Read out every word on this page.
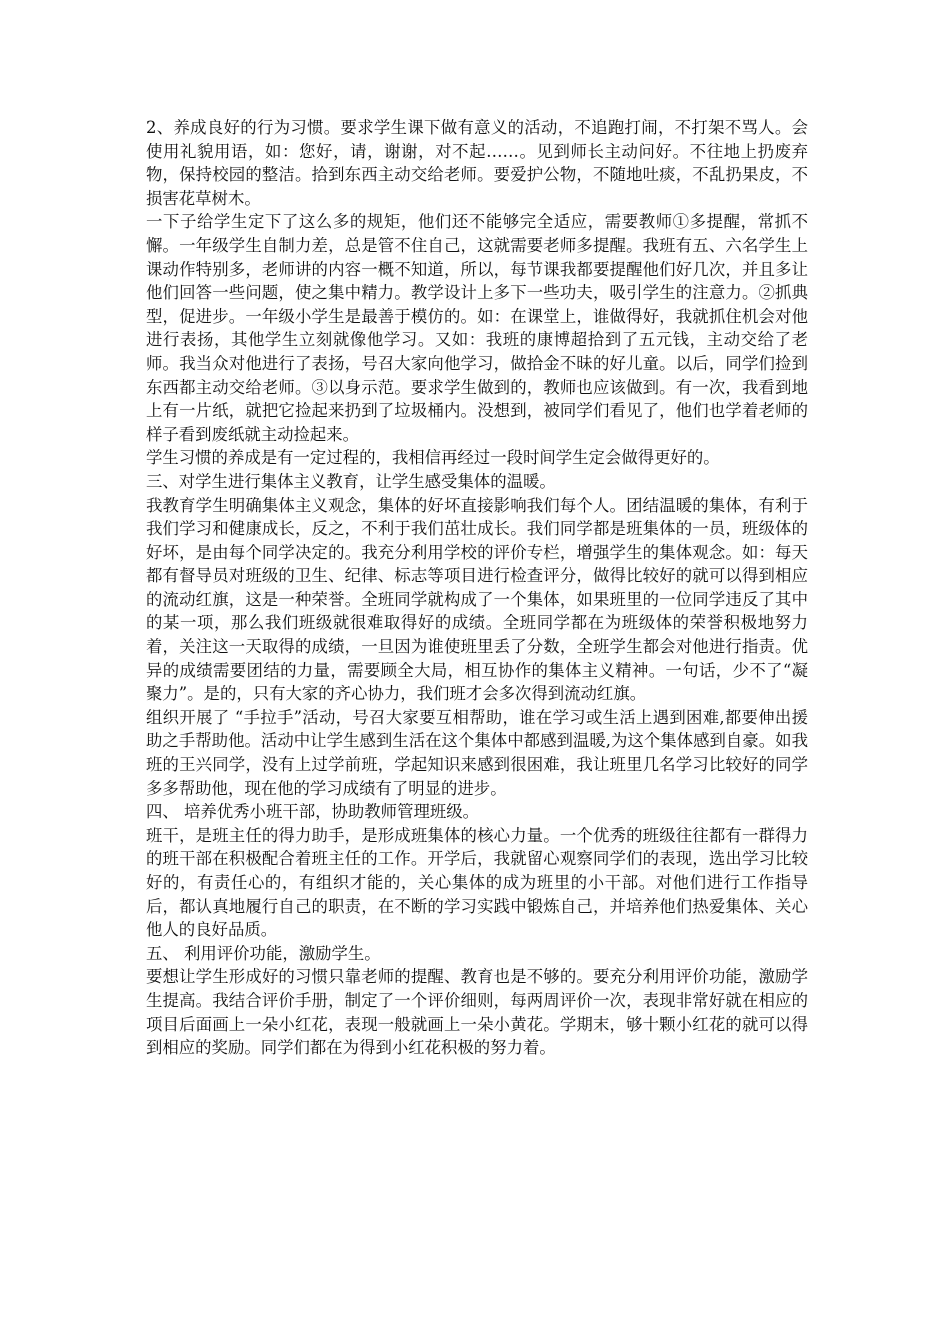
2、养成良好的行为习惯。要求学生课下做有意义的活动，不追跑打闹，不打架不骂人。会使用礼貌用语，如：您好，请，谢谢，对不起……。见到师长主动问好。不往地上扔废弃物，保持校园的整洁。拾到东西主动交给老师。要爱护公物，不随地吐痰，不乱扔果皮，不损害花草树木。

一下子给学生定下了这么多的规矩，他们还不能够完全适应，需要教师①多提醒，常抓不懈。一年级学生自制力差，总是管不住自己，这就需要老师多提醒。我班有五、六名学生上课动作特别多，老师讲的内容一概不知道，所以，每节课我都要提醒他们好几次，并且多让他们回答一些问题，使之集中精力。教学设计上多下一些功夫，吸引学生的注意力。②抓典型，促进步。一年级小学生是最善于模仿的。如：在课堂上，谁做得好，我就抓住机会对他进行表扬，其他学生立刻就像他学习。又如：我班的康博超拾到了五元钱，主动交给了老师。我当众对他进行了表扬，号召大家向他学习，做拾金不昧的好儿童。以后，同学们捡到东西都主动交给老师。③以身示范。要求学生做到的，教师也应该做到。有一次，我看到地上有一片纸，就把它捡起来扔到了垃圾桶内。没想到，被同学们看见了，他们也学着老师的样子看到废纸就主动捡起来。

学生习惯的养成是有一定过程的，我相信再经过一段时间学生定会做得更好的。

三、对学生进行集体主义教育，让学生感受集体的温暖。

我教育学生明确集体主义观念，集体的好坏直接影响我们每个人。团结温暖的集体，有利于我们学习和健康成长，反之，不利于我们茁壮成长。我们同学都是班集体的一员，班级体的好坏，是由每个同学决定的。我充分利用学校的评价专栏，增强学生的集体观念。如：每天都有督导员对班级的卫生、纪律、标志等项目进行检查评分，做得比较好的就可以得到相应的流动红旗，这是一种荣誉。全班同学就构成了一个集体，如果班里的一位同学违反了其中的某一项，那么我们班级就很难取得好的成绩。全班同学都在为班级体的荣誉积极地努力着，关注这一天取得的成绩，一旦因为谁使班里丢了分数，全班学生都会对他进行指责。优异的成绩需要团结的力量，需要顾全大局，相互协作的集体主义精神。一句话，少不了“凝聚力”。是的，只有大家的齐心协力，我们班才会多次得到流动红旗。

组织开展了 “手拉手”活动，号召大家要互相帮助，谁在学习或生活上遇到困难,都要伸出援助之手帮助他。活动中让学生感到生活在这个集体中都感到温暖,为这个集体感到自豪。如我班的王兴同学，没有上过学前班，学起知识来感到很困难，我让班里几名学习比较好的同学多多帮助他，现在他的学习成绩有了明显的进步。

四、 培养优秀小班干部，协助教师管理班级。

班干，是班主任的得力助手，是形成班集体的核心力量。一个优秀的班级往往都有一群得力的班干部在积极配合着班主任的工作。开学后，我就留心观察同学们的表现，选出学习比较好的，有责任心的，有组织才能的，关心集体的成为班里的小干部。对他们进行工作指导后，都认真地履行自己的职责，在不断的学习实践中锻炼自己，并培养他们热爱集体、关心他人的良好品质。

五、 利用评价功能，激励学生。

要想让学生形成好的习惯只靠老师的提醒、教育也是不够的。要充分利用评价功能，激励学生提高。我结合评价手册，制定了一个评价细则，每两周评价一次，表现非常好就在相应的项目后面画上一朵小红花，表现一般就画上一朵小黄花。学期末，够十颗小红花的就可以得到相应的奖励。同学们都在为得到小红花积极的努力着。
